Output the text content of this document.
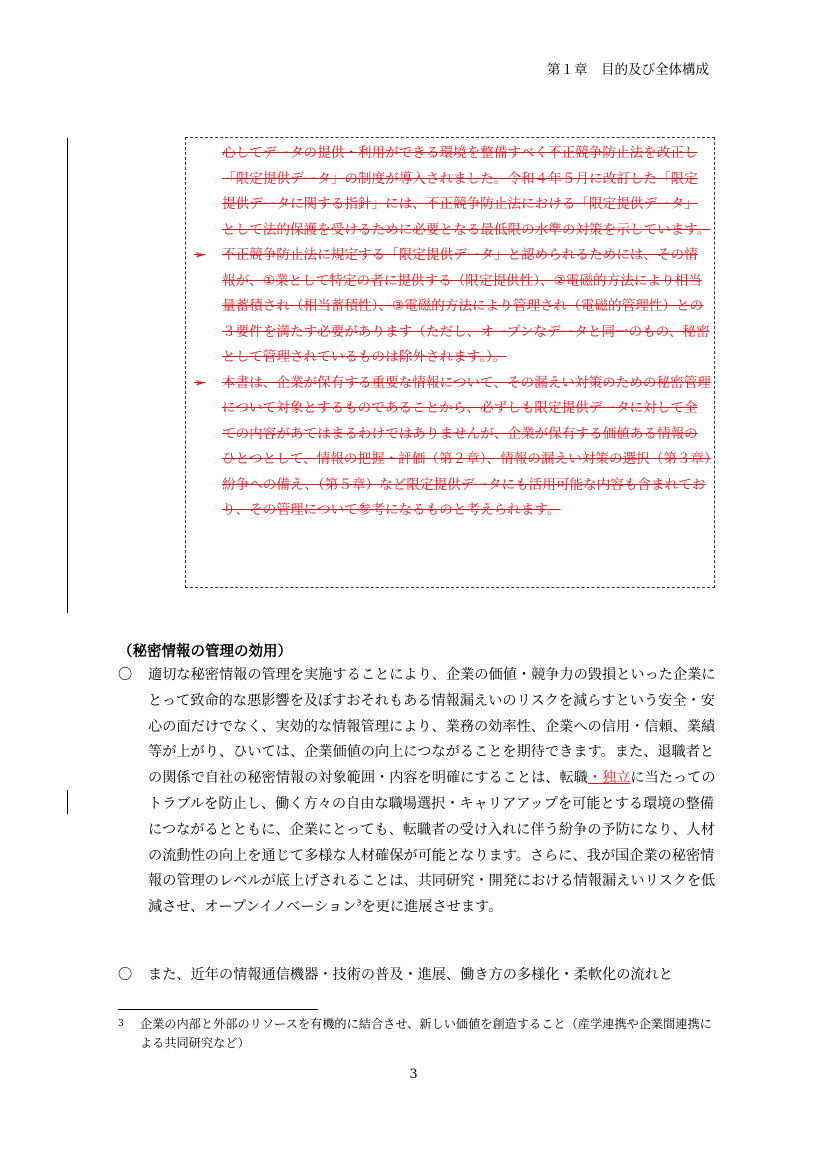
第１章　目的及び全体構成
心してデータの提供・利用ができる環境を整備すべく不正競争防止法を改正し「限定提供データ」の制度が導入されました。令和４年５月に改訂した「限定提供データに関する指針」には、不正競争防止法における「限定提供データ」として法的保護を受けるために必要となる最低限の水準の対策を示しています。
➢	不正競争防止法に規定する「限定提供データ」と認められるためには、その情報が、①業として特定の者に提供する（限定提供性）、②電磁的方法により相当量蓄積され（相当蓄積性）、③電磁的方法により管理され（電磁的管理性）との３要件を満たす必要があります（ただし、オープンなデータと同一のもの、秘密として管理されているものは除外されます。）。
➢	本書は、企業が保有する重要な情報について、その漏えい対策のための秘密管理について対象とするものであることから、必ずしも限定提供データに対して全ての内容があてはまるわけではありませんが、企業が保有する価値ある情報のひとつとして、情報の把握・評価（第２章）、情報の漏えい対策の選択（第３章）紛争への備え、（第５章）など限定提供データにも活用可能な内容も含まれており、その管理について参考になるものと考えられます。
（秘密情報の管理の効用）
〇	適切な秘密情報の管理を実施することにより、企業の価値・競争力の毀損といった企業にとって致命的な悪影響を及ぼすおそれもある情報漏えいのリスクを減らすという安全・安心の面だけでなく、実効的な情報管理により、業務の効率性、企業への信用・信頼、業績等が上がり、ひいては、企業価値の向上につながることを期待できます。また、退職者との関係で自社の秘密情報の対象範囲・内容を明確にすることは、転職・独立に当たってのトラブルを防止し、働く方々の自由な職場選択・キャリアアップを可能とする環境の整備につながるとともに、企業にとっても、転職者の受け入れに伴う紛争の予防になり、人材の流動性の向上を通じて多様な人材確保が可能となります。さらに、我が国企業の秘密情報の管理のレベルが底上げされることは、共同研究・開発における情報漏えいリスクを低減させ、オープンイノベーション$^3$を更に進展させます。
〇	また、近年の情報通信機器・技術の普及・進展、働き方の多様化・柔軟化の流れと
3	企業の内部と外部のリソースを有機的に結合させ、新しい価値を創造すること（産学連携や企業間連携による共同研究など）
3
